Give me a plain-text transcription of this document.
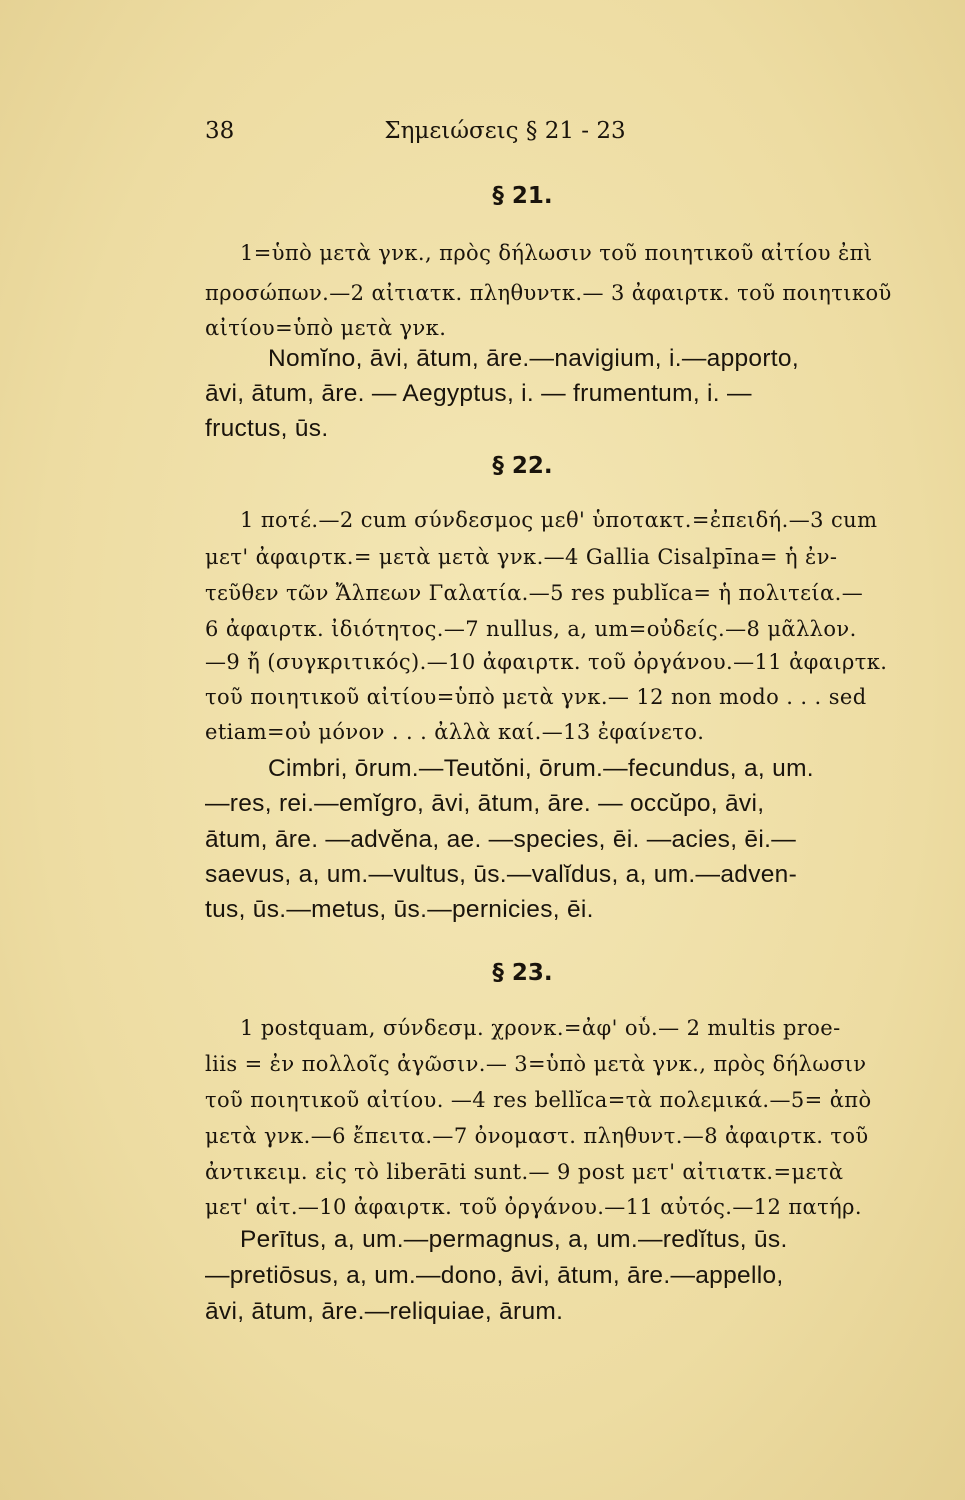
38	Σημειώσεις § 21 - 23
§ 21.
1=ὑπὸ μετὰ γνκ., πρὸς δήλωσιν τοῦ ποιητικοῦ αἰτίου ἐπὶ
προσώπων.—2 αἰτιατκ. πληθυντκ.— 3 ἀφαιρτκ. τοῦ ποιητικοῦ
αἰτίου=ὑπὸ μετὰ γνκ.
Nomĭno, āvi, ātum, āre.—navigium, i.—apporto,
āvi, ātum, āre. — Aegyptus, i. — frumentum, i. —
fructus, ūs.
§ 22.
1 ποτέ.—2 cum σύνδεσμος μεθ' ὑποτακτ.=ἐπειδή.—3 cum
μετ' ἀφαιρτκ.= μετὰ μετὰ γνκ.—4 Gallia Cisalpīna= ἡ ἐν-
τεῦθεν τῶν Ἄλπεων Γαλατία.—5 res publĭca= ἡ πολιτεία.—
6 ἀφαιρτκ. ἰδιότητος.—7 nullus, a, um=οὐδείς.—8 μᾶλλον.
—9 ἤ (συγκριτικός).—10 ἀφαιρτκ. τοῦ ὀργάνου.—11 ἀφαιρτκ.
τοῦ ποιητικοῦ αἰτίου=ὑπὸ μετὰ γνκ.— 12 non modo . . . sed
etiam=οὐ μόνον . . . ἀλλὰ καί.—13 ἐφαίνετο.
Cimbri, ōrum.—Teutŏni, ōrum.—fecundus, a, um.
—res, rei.—emĭgro, āvi, ātum, āre. — occŭpo, āvi,
ātum, āre. —advĕna, ae. —species, ēi. —acies, ēi.—
saevus, a, um.—vultus, ūs.—valĭdus, a, um.—adven-
tus, ūs.—metus, ūs.—pernicies, ēi.
§ 23.
1 postquam, σύνδεσμ. χρονκ.=ἀφ' οὗ.— 2 multis proe-
liis = ἐν πολλοῖς ἀγῶσιν.— 3=ὑπὸ μετὰ γνκ., πρὸς δήλωσιν
τοῦ ποιητικοῦ αἰτίου. —4 res bellĭca=τὰ πολεμικά.—5= ἀπὸ
μετὰ γνκ.—6 ἔπειτα.—7 ὀνομαστ. πληθυντ.—8 ἀφαιρτκ. τοῦ
ἀντικειμ. εἰς τὸ liberāti sunt.— 9 post μετ' αἰτιατκ.=μετὰ
μετ' αἰτ.—10 ἀφαιρτκ. τοῦ ὀργάνου.—11 αὐτός.—12 πατήρ.
Perītus, a, um.—permagnus, a, um.—redĭtus, ūs.
—pretiōsus, a, um.—dono, āvi, ātum, āre.—appello,
āvi, ātum, āre.—reliquiae, ārum.
